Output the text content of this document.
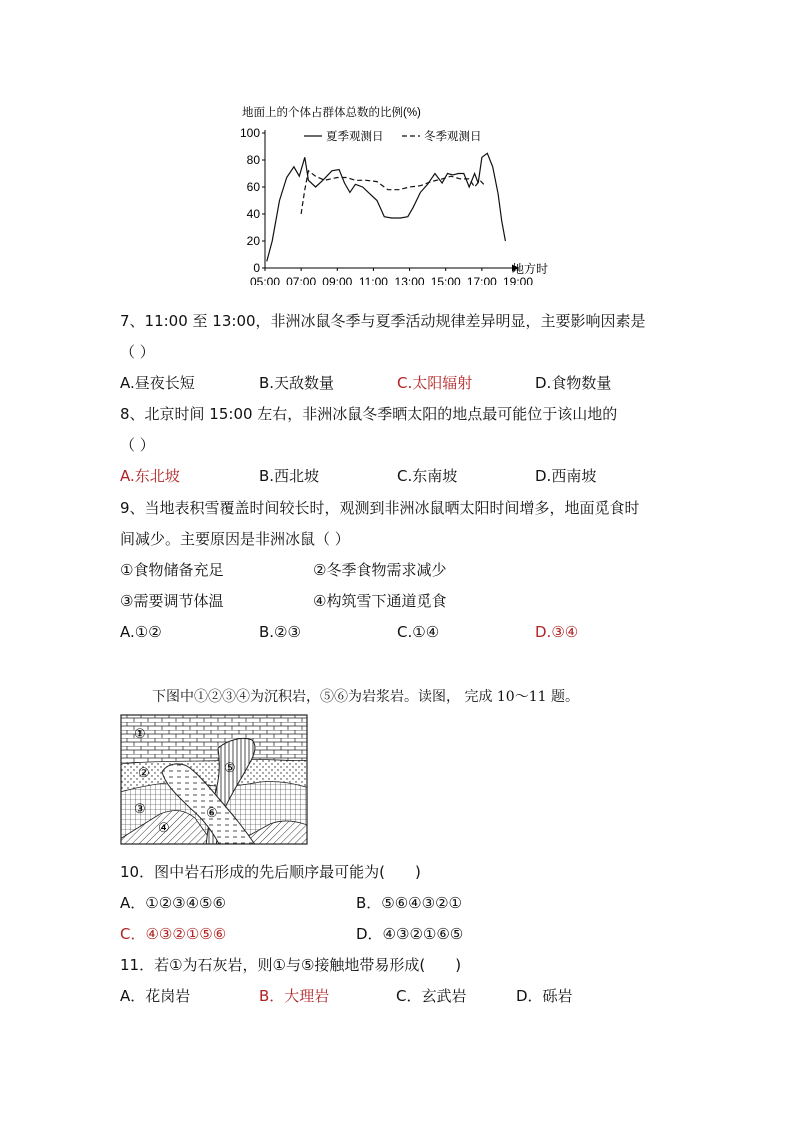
地面上的个体占群体总数的比例(%)
地方时
0
20
40
60
80
100
05:00 07:00 09:00 11:00 13:00 15:00 17:00 19:00
夏季观测日	冬季观测日
7、11:00 至 13:00，非洲冰鼠冬季与夏季活动规律差异明显，主要影响因素是
（ ）
A.昼夜长短	B.天敌数量	C.太阳辐射	D.食物数量
8、北京时间 15:00 左右，非洲冰鼠冬季晒太阳的地点最可能位于该山地的
（ ）
A.东北坡	B.西北坡	C.东南坡	D.西南坡
9、当地表积雪覆盖时间较长时，观测到非洲冰鼠晒太阳时间增多，地面觅食时
间减少。主要原因是非洲冰鼠（ ）
①食物储备充足	②冬季食物需求减少
③需要调节体温	④构筑雪下通道觅食
A.①②	B.②③	C.①④	D.③④
下图中①②③④为沉积岩，⑤⑥为岩浆岩。读图， 完成 10～11 题。
①
②
③
④
⑤
⑥
10．图中岩石形成的先后顺序最可能为(　　)
A．①②③④⑤⑥	B．⑤⑥④③②①
C．④③②①⑤⑥	D．④③②①⑥⑤
11．若①为石灰岩，则①与⑤接触地带易形成(　　)
A．花岗岩	B．大理岩	C．玄武岩	D．砾岩
